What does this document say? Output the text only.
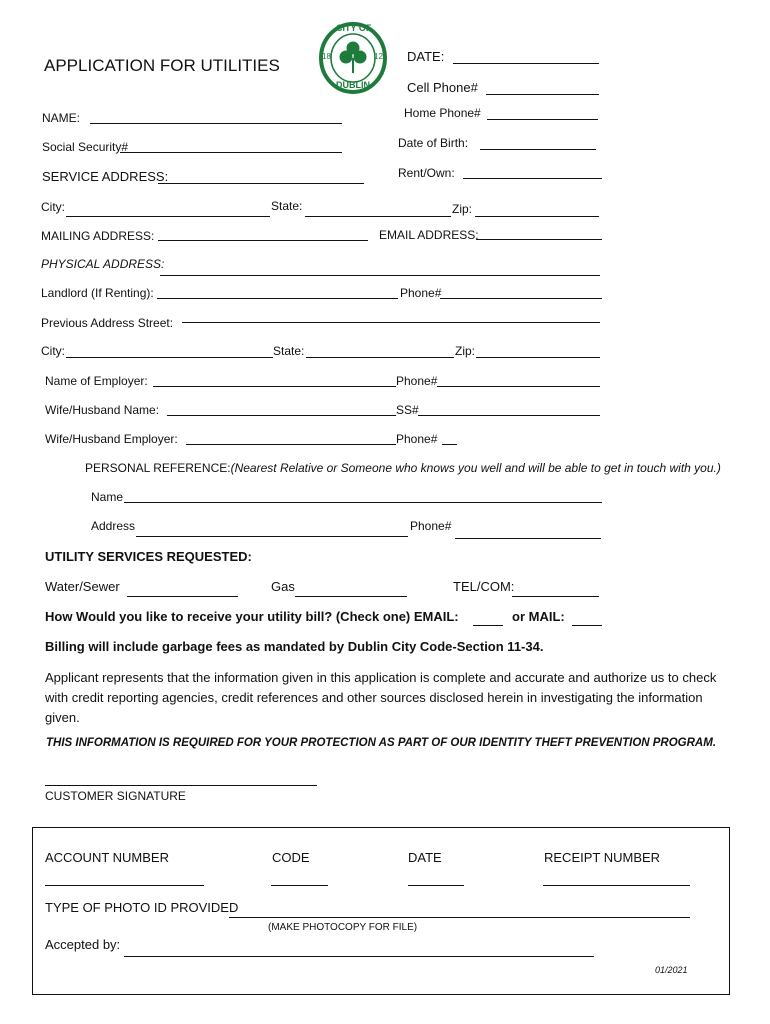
APPLICATION FOR UTILITIES
CITY OF
DUBLIN
18	12 DATE:
Cell Phone#
Home Phone#
Date of Birth:
Rent/Own:
NAME:
Social Security#
SERVICE ADDRESS:
City:	State:	Zip:
MAILING ADDRESS:	EMAIL ADDRESS:
PHYSICAL ADDRESS:
Landlord (If Renting):	Phone#
Previous Address Street:
City:	State:	Zip:
Name of Employer:	Phone#
Wife/Husband Name:	SS#
Wife/Husband Employer:	Phone#
PERSONAL REFERENCE:(Nearest Relative or Someone who knows you well and will be able to get in touch with you.)
Name
Address	Phone#
UTILITY SERVICES REQUESTED:
Water/Sewer	Gas	TEL/COM:
How Would you like to receive your utility bill? (Check one) EMAIL:	or MAIL:
Billing will include garbage fees as mandated by Dublin City Code-Section 11-34.
Applicant represents that the information given in this application is complete and accurate and authorize us to check with credit reporting agencies, credit references and other sources disclosed herein in investigating the information given.
THIS INFORMATION IS REQUIRED FOR YOUR PROTECTION AS PART OF OUR IDENTITY THEFT PREVENTION PROGRAM.
CUSTOMER SIGNATURE
ACCOUNT NUMBER	CODE	DATE	RECEIPT NUMBER
TYPE OF PHOTO ID PROVIDED
(MAKE PHOTOCOPY FOR FILE)
Accepted by:
01/2021
